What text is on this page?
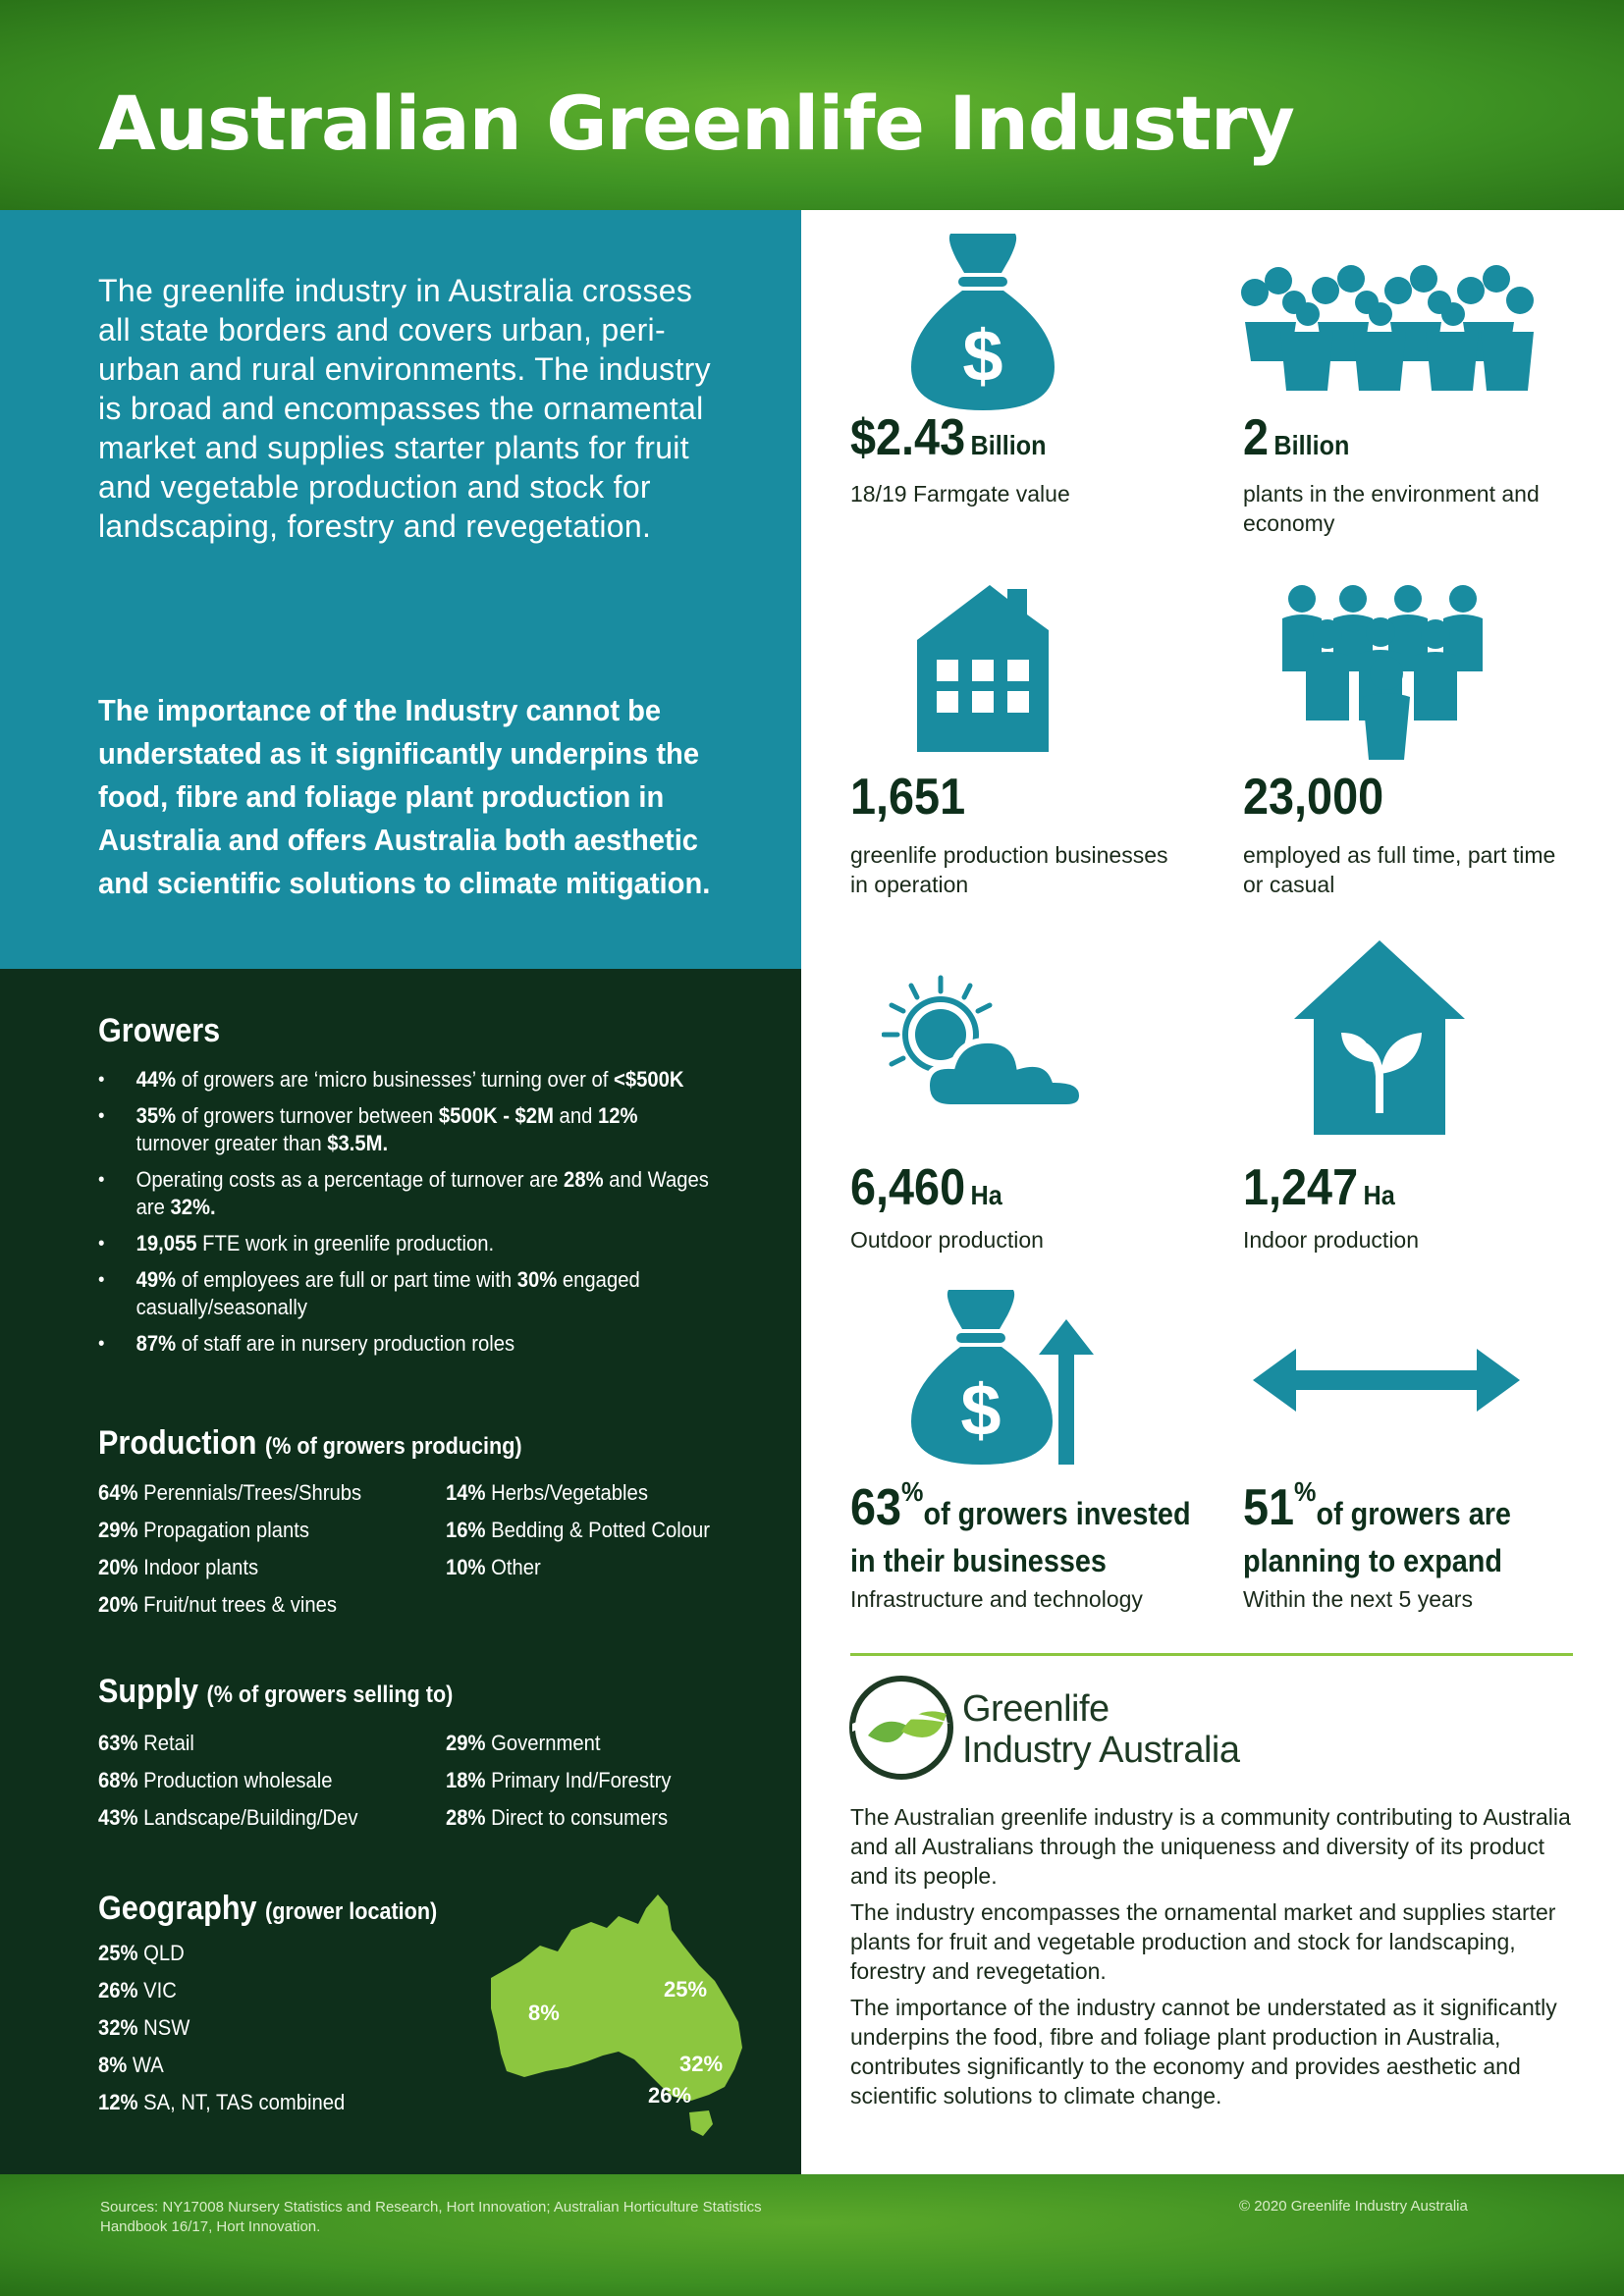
Australian Greenlife Industry

The greenlife industry in Australia crosses all state borders and covers urban, peri-urban and rural environments. The industry is broad and encompasses the ornamental market and supplies starter plants for fruit and vegetable production and stock for landscaping, forestry and revegetation.

The importance of the Industry cannot be understated as it significantly underpins the food, fibre and foliage plant production in Australia and offers Australia both aesthetic and scientific solutions to climate mitigation.

Growers
• 44% of growers are ‘micro businesses’ turning over of <$500K
• 35% of growers turnover between $500K - $2M and 12% turnover greater than $3.5M.
• Operating costs as a percentage of turnover are 28% and Wages are 32%.
• 19,055 FTE work in greenlife production.
• 49% of employees are full or part time with 30% engaged casually/seasonally
• 87% of staff are in nursery production roles
Production (% of growers producing)
64% Perennials/Trees/Shrubs
29% Propagation plants
20% Indoor plants
20% Fruit/nut trees & vines
14% Herbs/Vegetables
16% Bedding & Potted Colour
10% Other
Supply (% of growers selling to)
63% Retail
68% Production wholesale
43% Landscape/Building/Dev
29% Government
18% Primary Ind/Forestry
28% Direct to consumers
Geography (grower location)
25% QLD
26% VIC
32% NSW
8% WA
12% SA, NT, TAS combined
8%
25%
32%
26%
$
$2.43 Billion
18/19 Farmgate value
2 Billion
plants in the environment and economy
1,651
greenlife production businesses in operation
23,000
employed as full time, part time or casual
6,460 Ha
Outdoor production
1,247 Ha
Indoor production
$
63%of growers invested
in their businesses
Infrastructure and technology
51%of growers are
planning to expand
Within the next 5 years
Greenlife
Industry Australia

The Australian greenlife industry is a community contributing to Australia and all Australians through the uniqueness and diversity of its product and its people.

The industry encompasses the ornamental market and supplies starter plants for fruit and vegetable production and stock for landscaping, forestry and revegetation.

The importance of the industry cannot be understated as it significantly underpins the food, fibre and foliage plant production in Australia, contributes significantly to the economy and provides aesthetic and scientific solutions to climate change.

Sources: NY17008 Nursery Statistics and Research, Hort Innovation; Australian Horticulture Statistics Handbook 16/17, Hort Innovation.
© 2020 Greenlife Industry Australia
